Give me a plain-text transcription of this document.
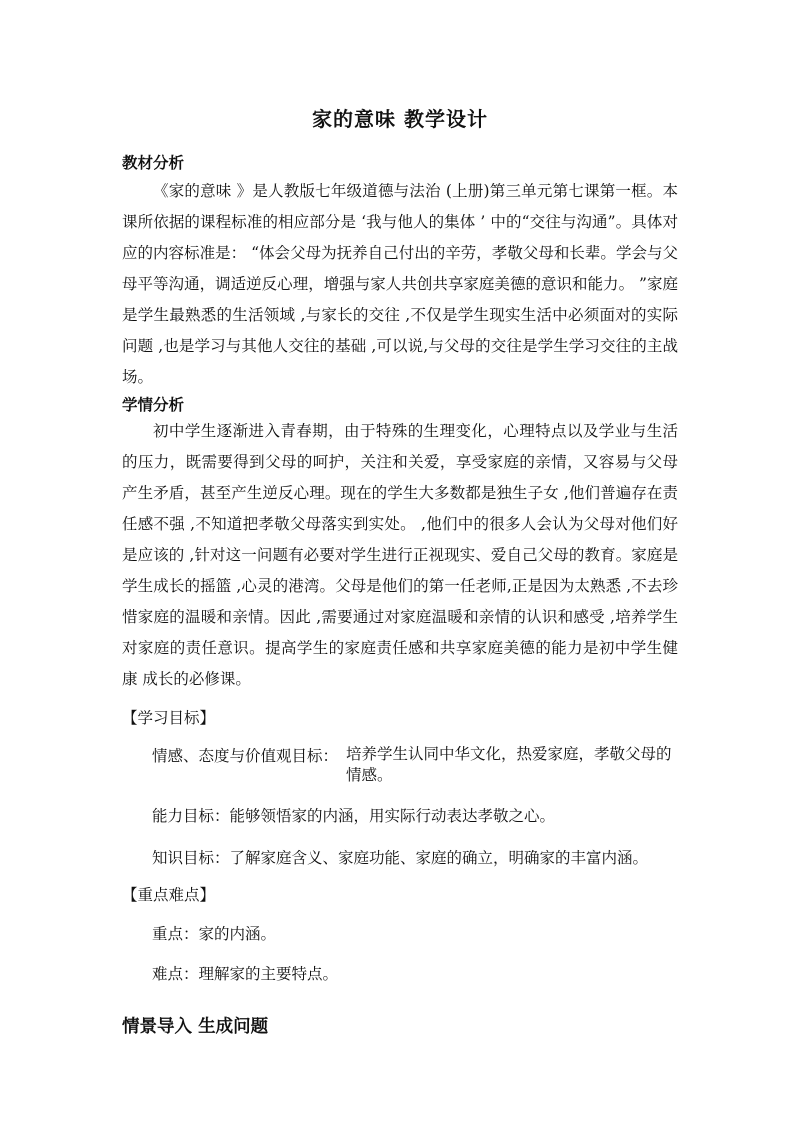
家的意味 教学设计
教材分析

《家的意味 》是人教版七年级道德与法治 (上册)第三单元第七课第一框。本课所依据的课程标准的相应部分是 ‘我与他人的集体 ’ 中的“交往与沟通”。具体对应的内容标准是： “体会父母为抚养自己付出的辛劳，孝敬父母和长辈。学会与父母平等沟通，调适逆反心理，增强与家人共创共享家庭美德的意识和能力。 ”家庭是学生最熟悉的生活领域 ,与家长的交往 ,不仅是学生现实生活中必须面对的实际问题 ,也是学习与其他人交往的基础 ,可以说,与父母的交往是学生学习交往的主战场。

学情分析

初中学生逐渐进入青春期，由于特殊的生理变化，心理特点以及学业与生活的压力，既需要得到父母的呵护，关注和关爱，享受家庭的亲情，又容易与父母产生矛盾，甚至产生逆反心理。现在的学生大多数都是独生子女 ,他们普遍存在责任感不强 ,不知道把孝敬父母落实到实处。 ,他们中的很多人会认为父母对他们好是应该的 ,针对这一问题有必要对学生进行正视现实、爱自己父母的教育。家庭是学生成长的摇篮 ,心灵的港湾。父母是他们的第一任老师,正是因为太熟悉 ,不去珍惜家庭的温暖和亲情。因此 ,需要通过对家庭温暖和亲情的认识和感受 ,培养学生对家庭的责任意识。提高学生的家庭责任感和共享家庭美德的能力是初中学生健康 成长的必修课。

【学习目标】
情感、态度与价值观目标： 培养学生认同中华文化，热爱家庭，孝敬父母的情感。
能力目标：能够领悟家的内涵，用实际行动表达孝敬之心。
知识目标：了解家庭含义、家庭功能、家庭的确立，明确家的丰富内涵。
【重点难点】
重点：家的内涵。
难点：理解家的主要特点。
情景导入 生成问题
